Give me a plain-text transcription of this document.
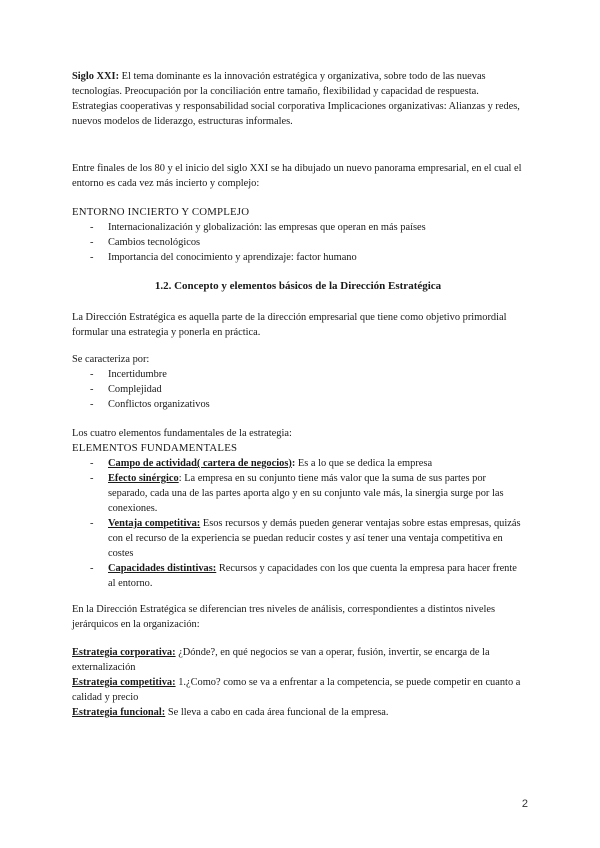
Siglo XXI: El tema dominante es la innovación estratégica y organizativa, sobre todo de las nuevas tecnologías. Preocupación por la conciliación entre tamaño, flexibilidad y capacidad de respuesta. Estrategias cooperativas y responsabilidad social corporativa Implicaciones organizativas: Alianzas y redes, nuevos modelos de liderazgo, estructuras informales.

Entre finales de los 80 y el inicio del siglo XXI se ha dibujado un nuevo panorama empresarial, en el cual el entorno es cada vez más incierto y complejo:

ENTORNO INCIERTO Y COMPLEJO

- Internacionalización y globalización: las empresas que operan en más países
- Cambios tecnológicos
- Importancia del conocimiento y aprendizaje: factor humano
1.2. Concepto y elementos básicos de la Dirección Estratégica

La Dirección Estratégica es aquella parte de la dirección empresarial que tiene como objetivo primordial formular una estrategia y ponerla en práctica.

Se caracteriza por:

- Incertidumbre
- Complejidad
- Conflictos organizativos

Los cuatro elementos fundamentales de la estrategia:

ELEMENTOS FUNDAMENTALES

- Campo de actividad( cartera de negocios): Es a lo que se dedica la empresa
- Efecto sinérgico: La empresa en su conjunto tiene más valor que la suma de sus partes por separado, cada una de las partes aporta algo y en su conjunto vale más, la sinergia surge por las conexiones.
- Ventaja competitiva: Esos recursos y demás pueden generar ventajas sobre estas empresas, quizás con el recurso de la experiencia se puedan reducir costes y así tener una ventaja competitiva en costes
- Capacidades distintivas: Recursos y capacidades con los que cuenta la empresa para hacer frente al entorno.

En la Dirección Estratégica se diferencian tres niveles de análisis, correspondientes a distintos niveles jerárquicos en la organización:

Estrategia corporativa: ¿Dónde?, en qué negocios se van a operar, fusión, invertir, se encarga de la externalización

Estrategia competitiva: 1.¿Como? como se va a enfrentar a la competencia, se puede competir en cuanto a calidad y precio

Estrategia funcional: Se lleva a cabo en cada área funcional de la empresa.

2
